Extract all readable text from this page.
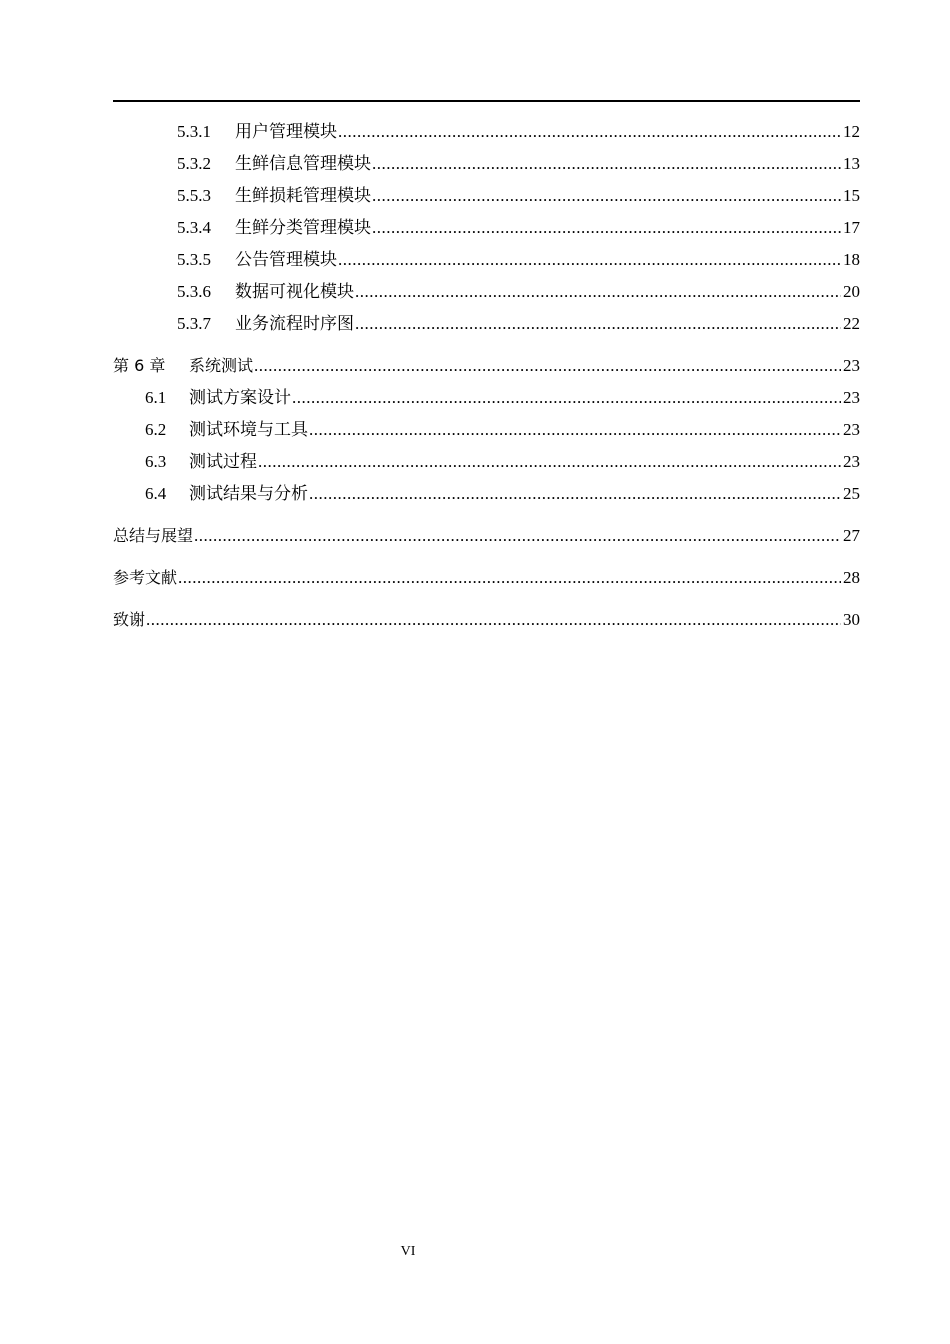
5.3.1	用户管理模块 .....	12
5.3.2	生鲜信息管理模块 .....	13
5.5.3	生鲜损耗管理模块 .....	15
5.3.4	生鲜分类管理模块 .....	17
5.3.5	公告管理模块 .....	18
5.3.6	数据可视化模块 .....	20
5.3.7	业务流程时序图 .....	22
第 6 章	系统测试 .....	23
6.1	测试方案设计 .....	23
6.2	测试环境与工具 .....	23
6.3	测试过程 .....	23
6.4	测试结果与分析 .....	25
总结与展望 .....	27
参考文献 .....	28
致谢 .....	30
VI
